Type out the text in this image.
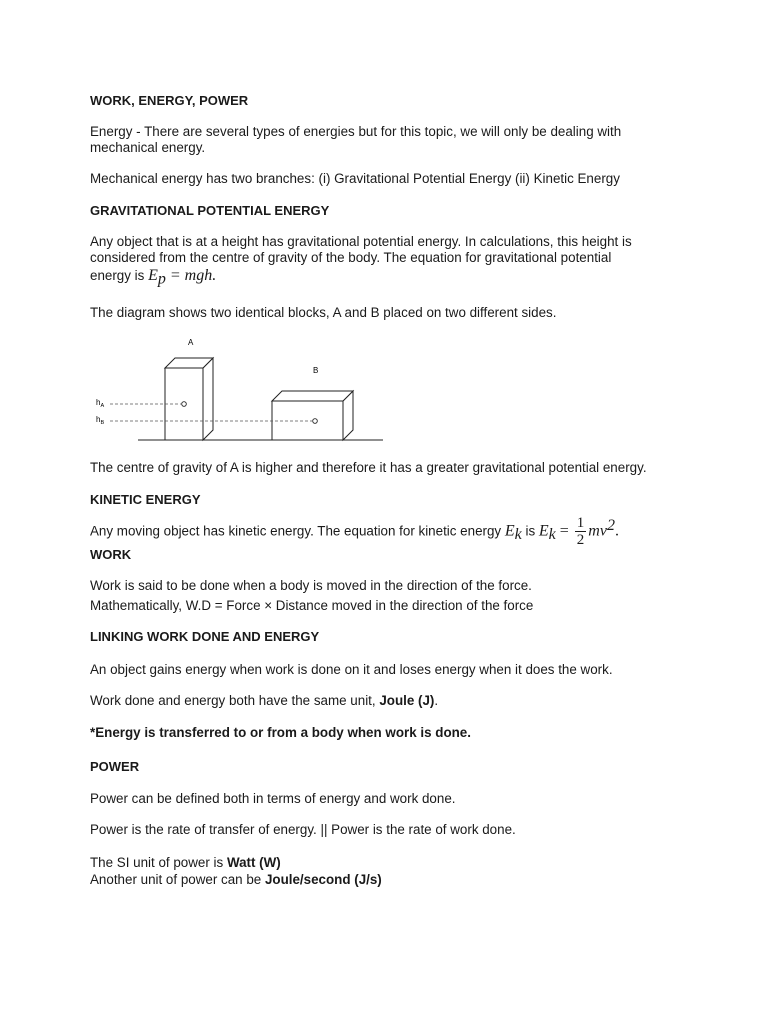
WORK, ENERGY, POWER
Energy - There are several types of energies but for this topic, we will only be dealing with
mechanical energy.
Mechanical energy has two branches: (i) Gravitational Potential Energy (ii) Kinetic Energy
GRAVITATIONAL POTENTIAL ENERGY
Any object that is at a height has gravitational potential energy. In calculations, this height is
considered from the centre of gravity of the body. The equation for gravitational potential
energy is $E_p$ = mgh.
The diagram shows two identical blocks, A and B placed on two different sides.
A
B
$h_A$
$h_B$
The centre of gravity of A is higher and therefore it has a greater gravitational potential energy.
KINETIC ENERGY
Any moving object has kinetic energy. The equation for kinetic energy $E_k$ is $E_k = \frac{1}{2} mv^2$.
WORK
Work is said to be done when a body is moved in the direction of the force.
Mathematically, W.D = Force × Distance moved in the direction of the force
LINKING WORK DONE AND ENERGY
An object gains energy when work is done on it and loses energy when it does the work.
Work done and energy both have the same unit, Joule (J).
*Energy is transferred to or from a body when work is done.
POWER
Power can be defined both in terms of energy and work done.
Power is the rate of transfer of energy. || Power is the rate of work done.
The SI unit of power is Watt (W)
Another unit of power can be Joule/second (J/s)
